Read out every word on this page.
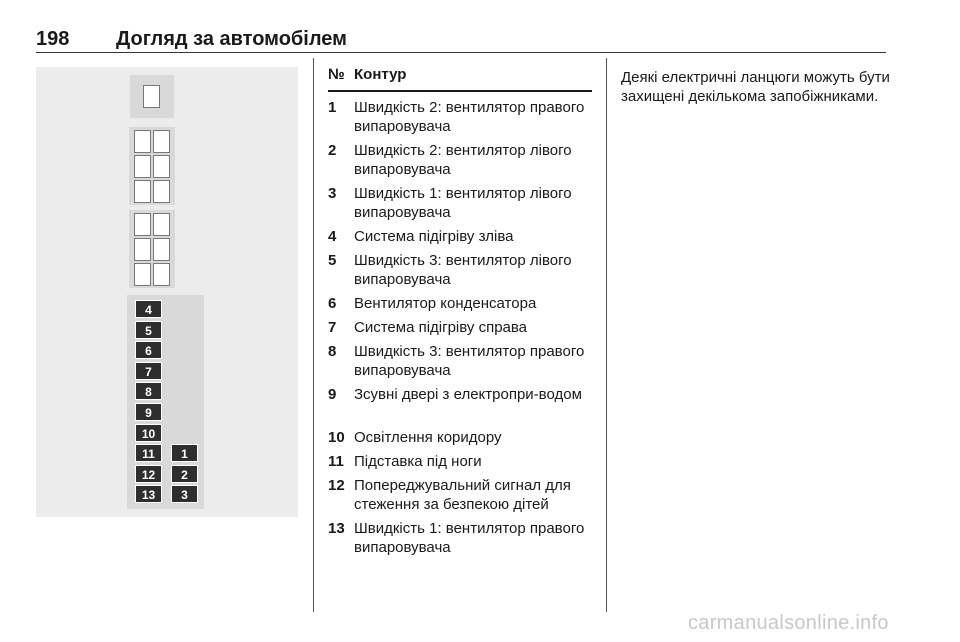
198 Догляд за автомобілем
4
5
6
7
8
9
10
11
12
13
1
2
3
№ Контур
1 Швидкість 2: вентилятор правого випаровувача
2 Швидкість 2: вентилятор лівого випаровувача
3 Швидкість 1: вентилятор лівого випаровувача
4 Система підігріву зліва
5 Швидкість 3: вентилятор лівого випаровувача
6 Вентилятор конденсатора
7 Система підігріву справа
8 Швидкість 3: вентилятор правого випаровувача
9 Зсувні двері з електропри-водом
10 Освітлення коридору
11 Підставка під ноги
12 Попереджувальний сигнал для стеження за безпекою дітей
13 Швидкість 1: вентилятор правого випаровувача
Деякі електричні ланцюги можуть бути захищені декількома запобіжниками.
carmanualsonline.info
